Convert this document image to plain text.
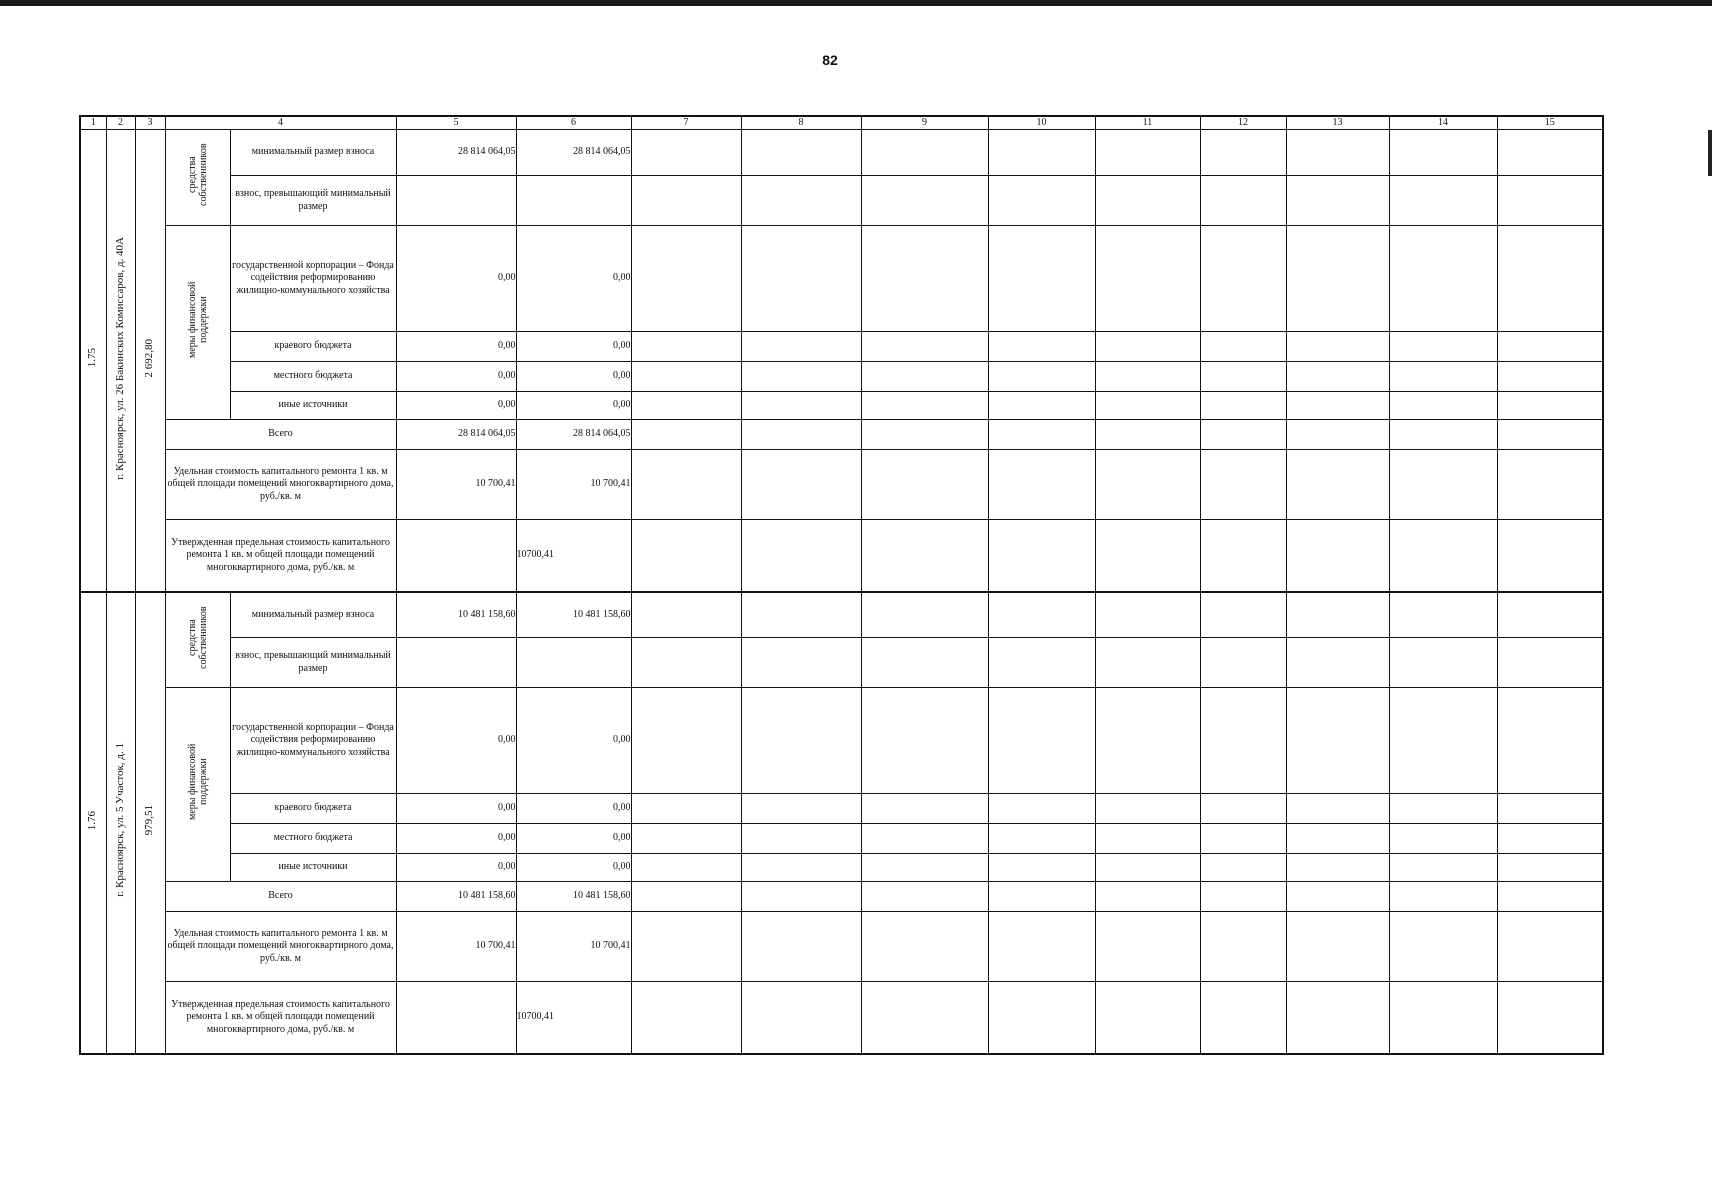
82
1	2	3	4		5	6	7	8	9	10	11	12	13	14	15
1.75	г. Красноярск, ул. 26 Бакинских Комиссаров, д. 40А	2 692,80	средства собственников	минимальный размер взноса	28 814 064,05	28 814 064,05									
				взнос, превышающий минимальный размер											
			меры финансовой поддержки	государственной корпорации – Фонда содействия реформированию жилищно-коммунального хозяйства	0,00	0,00									
				краевого бюджета	0,00	0,00									
				местного бюджета	0,00	0,00									
				иные источники	0,00	0,00									
			Всего		28 814 064,05	28 814 064,05									
			Удельная стоимость капитального ремонта 1 кв. м общей площади помещений многоквартирного дома, руб./кв. м		10 700,41	10 700,41									
			Утвержденная предельная стоимость капитального ремонта 1 кв. м общей площади помещений многоквартирного дома, руб./кв. м			10700,41									
1.76	г. Красноярск, ул. 5 Участок, д. 1	979,51	средства собственников	минимальный размер взноса	10 481 158,60	10 481 158,60									
				взнос, превышающий минимальный размер											
			меры финансовой поддержки	государственной корпорации – Фонда содействия реформированию жилищно-коммунального хозяйства	0,00	0,00									
				краевого бюджета	0,00	0,00									
				местного бюджета	0,00	0,00									
				иные источники	0,00	0,00									
			Всего		10 481 158,60	10 481 158,60									
			Удельная стоимость капитального ремонта 1 кв. м общей площади помещений многоквартирного дома, руб./кв. м		10 700,41	10 700,41									
			Утвержденная предельная стоимость капитального ремонта 1 кв. м общей площади помещений многоквартирного дома, руб./кв. м			10700,41									
